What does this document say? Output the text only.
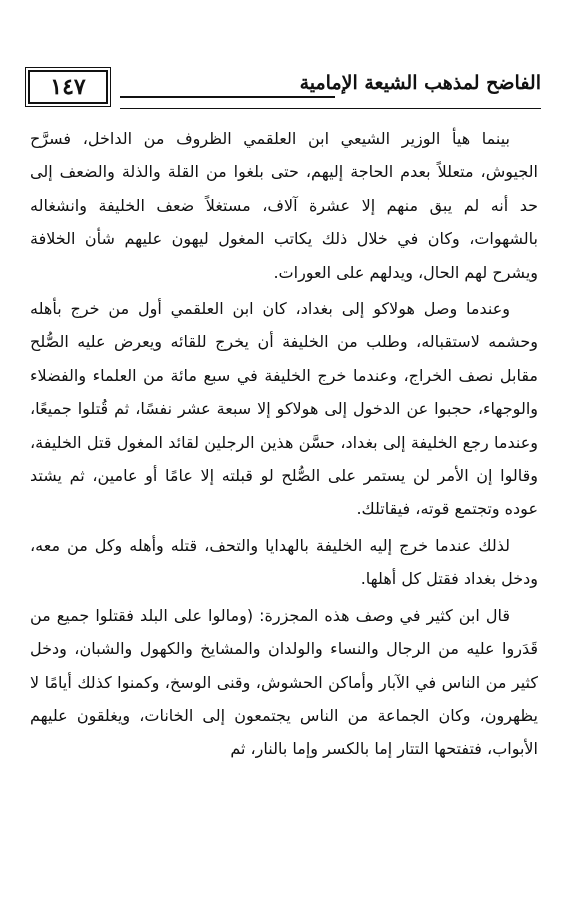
١٤٧	الفاضح لمذهب الشيعة الإمامية

بينما هيأ الوزير الشيعي ابن العلقمي الظروف من الداخل، فسرَّح الجيوش، متعللاً بعدم الحاجة إليهم، حتى بلغوا من القلة والذلة والضعف إلى حد أنه لم يبق منهم إلا عشرة آلاف، مستغلاً ضعف الخليفة وانشغاله بالشهوات، وكان في خلال ذلك يكاتب المغول ليهون عليهم شأن الخلافة ويشرح لهم الحال، ويدلهم على العورات.

وعندما وصل هولاكو إلى بغداد، كان ابن العلقمي أول من خرج بأهله وحشمه لاستقباله، وطلب من الخليفة أن يخرج للقائه ويعرض عليه الصُّلح مقابل نصف الخراج، وعندما خرج الخليفة في سبع مائة من العلماء والفضلاء والوجهاء، حجبوا عن الدخول إلى هولاكو إلا سبعة عشر نفسًا، ثم قُتلوا جميعًا، وعندما رجع الخليفة إلى بغداد، حسَّن هذين الرجلين لقائد المغول قتل الخليفة، وقالوا إن الأمر لن يستمر على الصُّلح لو قبلته إلا عامًا أو عامين، ثم يشتد عوده وتجتمع قوته، فيقاتلك.

لذلك عندما خرج إليه الخليفة بالهدايا والتحف، قتله وأهله وكل من معه، ودخل بغداد فقتل كل أهلها.

قال ابن كثير في وصف هذه المجزرة: (ومالوا على البلد فقتلوا جميع من قَدَروا عليه من الرجال والنساء والولدان والمشايخ والكهول والشبان، ودخل كثير من الناس في الآبار وأماكن الحشوش، وقنى الوسخ، وكمنوا كذلك أيامًا لا يظهرون، وكان الجماعة من الناس يجتمعون إلى الخانات، ويغلقون عليهم الأبواب، فتفتحها التتار إما بالكسر وإما بالنار، ثم
